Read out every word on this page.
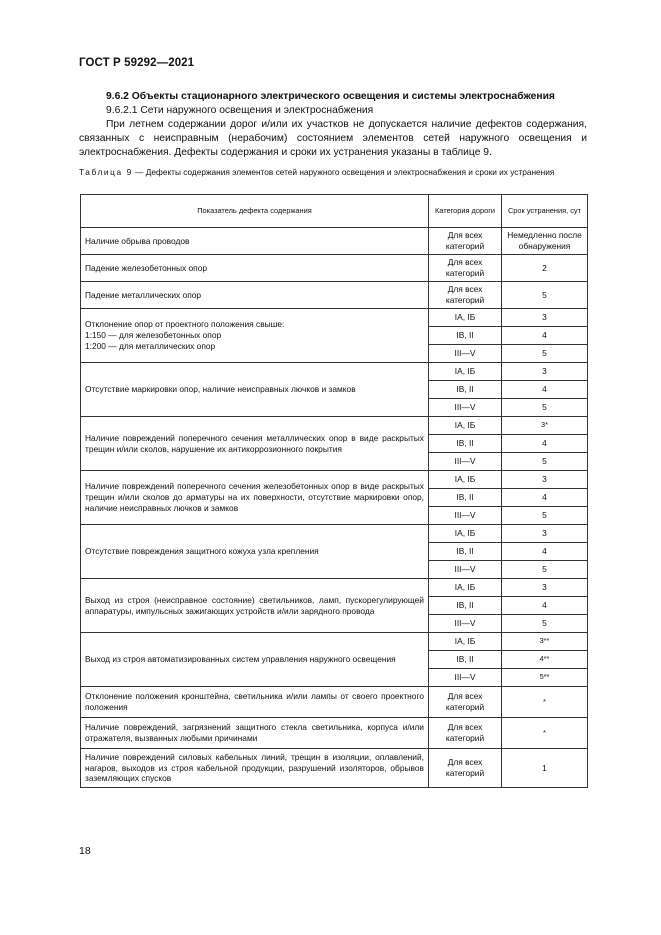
ГОСТ Р 59292—2021

9.6.2 Объекты стационарного электрического освещения и системы электроснабжения

9.6.2.1 Сети наружного освещения и электроснабжения

При летнем содержании дорог и/или их участков не допускается наличие дефектов содержания, связанных с неисправным (нерабочим) состоянием элементов сетей наружного освещения и электроснабжения. Дефекты содержания и сроки их устранения указаны в таблице 9.

Таблица 9 — Дефекты содержания элементов сетей наружного освещения и электроснабжения и сроки их устранения
Показатель дефекта содержания	Категория дороги	Срок устранения, сут

Наличие обрыва проводов	Для всех категорий	Немедленно после обнаружения

Падение железобетонных опор	Для всех категорий	2

Падение металлических опор	Для всех категорий	5

Отклонение опор от проектного положения свыше:
1:150 — для железобетонных опор
1:200 — для металлических опор	IA, IБ	3
	IB, II	4
	III—V	5

Отсутствие маркировки опор, наличие неисправных лючков и замков	IA, IБ	3
	IB, II	4
	III—V	5

Наличие повреждений поперечного сечения металлических опор в виде раскрытых трещин и/или сколов, нарушение их антикоррозионного покрытия	IA, IБ	3*
	IB, II	4
	III—V	5

Наличие повреждений поперечного сечения железобетонных опор в виде раскрытых трещин и/или сколов до арматуры на их поверхности, отсутствие маркировки опор, наличие неисправных лючков и замков	IA, IБ	3
	IB, II	4
	III—V	5

Отсутствие повреждения защитного кожуха узла крепления	IA, IБ	3
	IB, II	4
	III—V	5

Выход из строя (неисправное состояние) светильников, ламп, пускорегулирующей аппаратуры, импульсных зажигающих устройств и/или зарядного провода	IA, IБ	3
	IB, II	4
	III—V	5

Выход из строя автоматизированных систем управления наружного освещения	IA, IБ	3**
	IB, II	4**
	III—V	5**

Отклонение положения кронштейна, светильника и/или лампы от своего проектного положения	Для всех категорий	*

Наличие повреждений, загрязнений защитного стекла светильника, корпуса и/или отражателя, вызванных любыми причинами	Для всех категорий	*

Наличие повреждений силовых кабельных линий, трещин в изоляции, оплавлений, нагаров, выходов из строя кабельной продукции, разрушений изоляторов, обрывов заземляющих спусков	Для всех категорий	1
18
